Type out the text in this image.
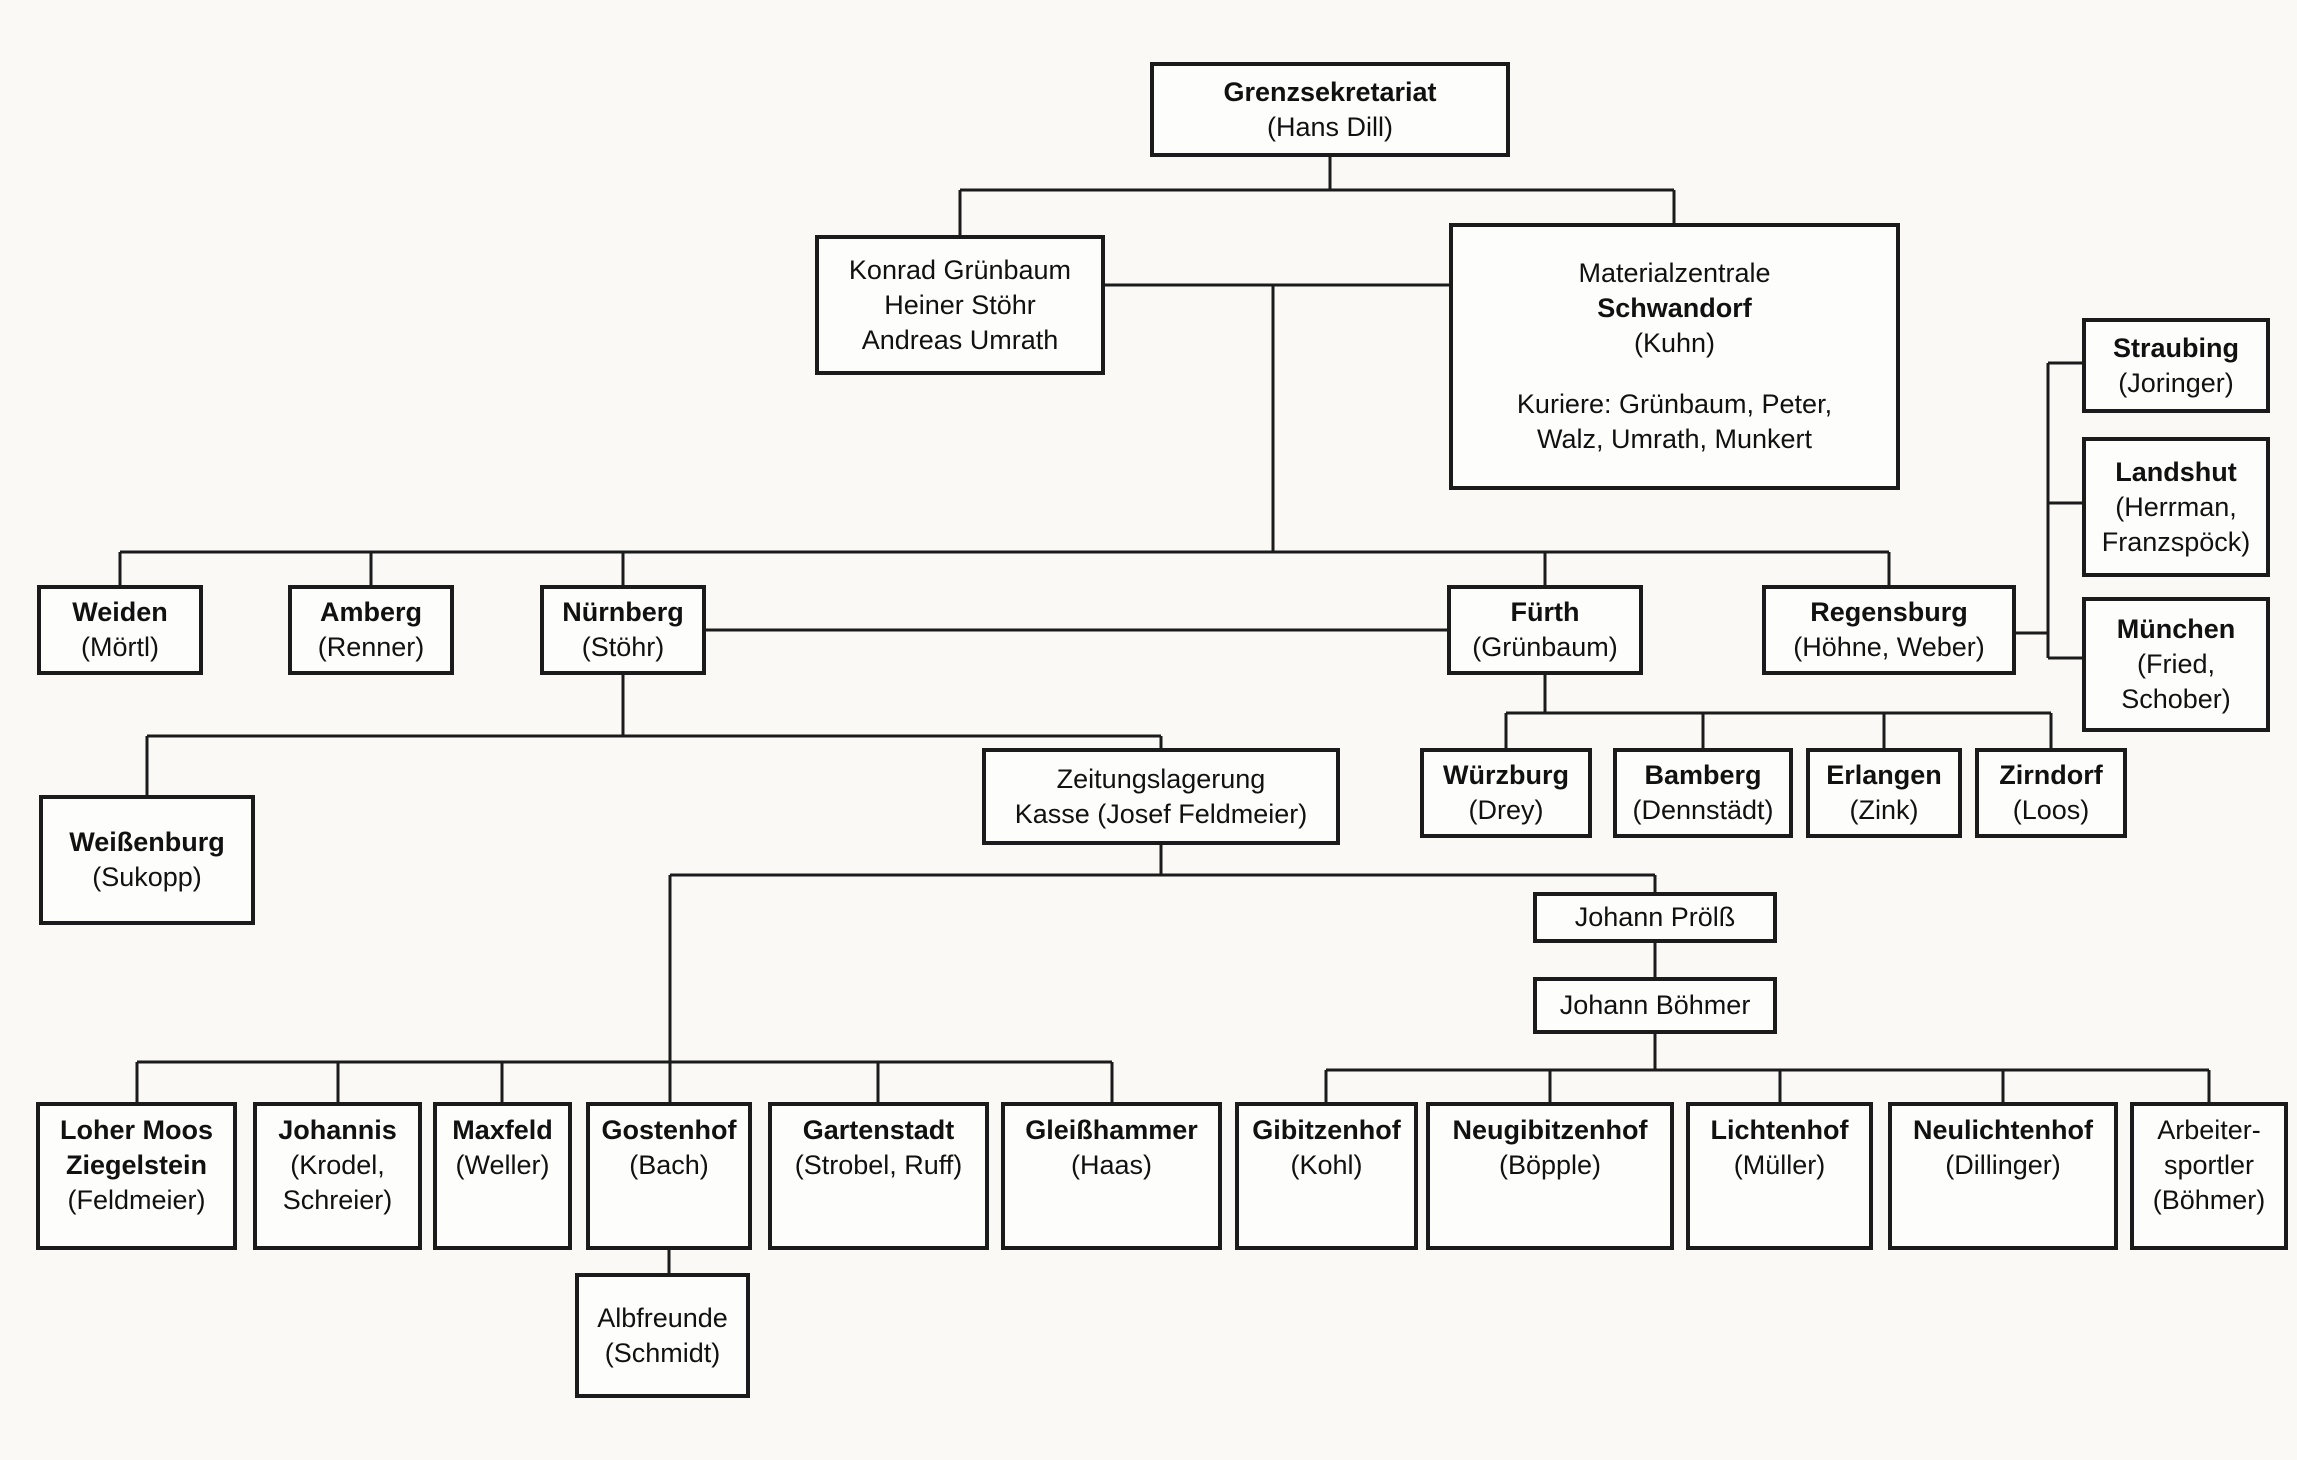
Grenzsekretariat
(Hans Dill)
Konrad Grünbaum
Heiner Stöhr
Andreas Umrath
Materialzentrale
Schwandorf
(Kuhn)
Kuriere: Grünbaum, Peter,
Walz, Umrath, Munkert
Straubing
(Joringer)
Landshut
(Herrman,
Franzspöck)
München
(Fried,
Schober)
Weiden
(Mörtl)
Amberg
(Renner)
Nürnberg
(Stöhr)
Fürth
(Grünbaum)
Regensburg
(Höhne, Weber)
Weißenburg
(Sukopp)
Zeitungslagerung
Kasse (Josef Feldmeier)
Würzburg
(Drey)
Bamberg
(Dennstädt)
Erlangen
(Zink)
Zirndorf
(Loos)
Johann Prölß
Johann Böhmer
Loher Moos
Ziegelstein
(Feldmeier)
Johannis
(Krodel,
Schreier)
Maxfeld
(Weller)
Gostenhof
(Bach)
Gartenstadt
(Strobel, Ruff)
Gleißhammer
(Haas)
Gibitzenhof
(Kohl)
Neugibitzenhof
(Böpple)
Lichtenhof
(Müller)
Neulichtenhof
(Dillinger)
Arbeiter-
sportler
(Böhmer)
Albfreunde
(Schmidt)
